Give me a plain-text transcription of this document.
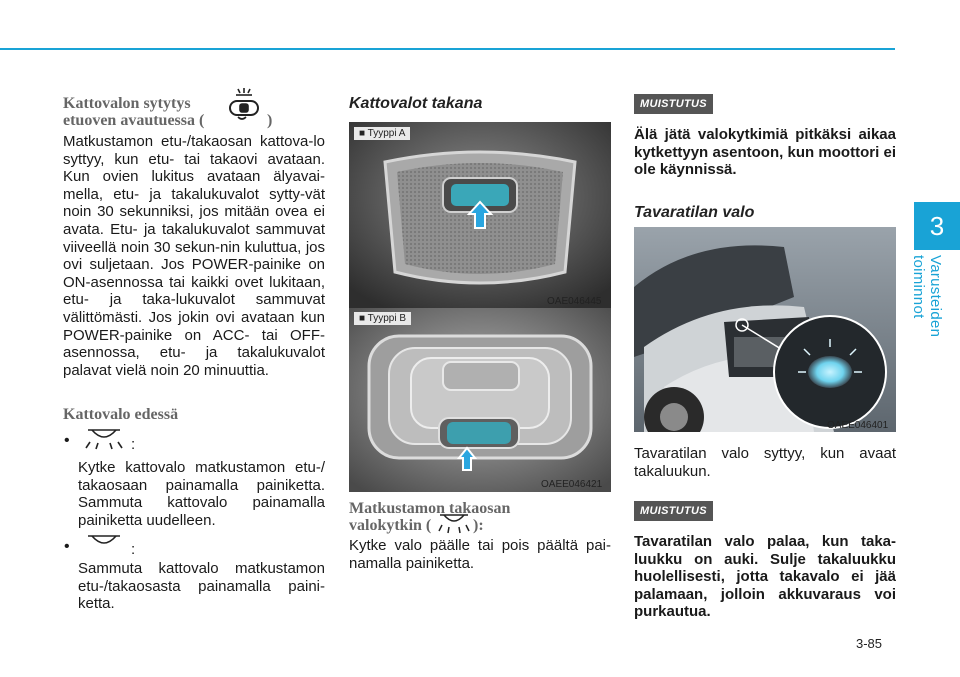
3
Varusteiden toiminnot
Kattovalon sytytys
etuoven avautuessa (	)
Matkustamon etu-/takaosan kattova-lo syttyy, kun etu- tai takaovi avataan. Kun ovien lukitus avataan älyavai-mella, etu- ja takalukuvalot sytty-vät noin 30 sekunniksi, jos mitään ovea ei avata. Etu- ja takalukuvalot sammuvat viiveellä noin 30 sekun-nin kuluttua, jos ovi suljetaan. Jos POWER-painike on ON-asennossa tai kaikki ovet lukitaan, etu- ja taka-lukuvalot sammuvat välittömästi. Jos jokin ovi avataan kun POWER-painike on ACC- tai OFF-asennossa, etu- ja takalukuvalot palavat vielä noin 20 minuuttia.
Kattovalo edessä
•	:
Kytke kattovalo matkustamon etu-/ takaosaan painamalla painiketta. Sammuta kattovalo painamalla painiketta uudelleen.
•	:
Sammuta kattovalo matkustamon etu-/takaosasta painamalla paini-ketta.
Kattovalot takana
■ Tyyppi A
OAE046445
■ Tyyppi B
OAEE046421
Matkustamon takaosan
valokytkin (	):
Kytke valo päälle tai pois päältä pai-namalla painiketta.
MUISTUTUS
Älä jätä valokytkimiä pitkäksi aikaa kytkettyyn asentoon, kun moottori ei ole käynnissä.
Tavaratilan valo
OAEE046401
Tavaratilan valo syttyy, kun avaat takaluukun.
MUISTUTUS
Tavaratilan valo palaa, kun taka-luukku on auki. Sulje takaluukku huolellisesti, jotta takavalo ei jää palamaan, jolloin akkuvaraus voi purkautua.
3-85
